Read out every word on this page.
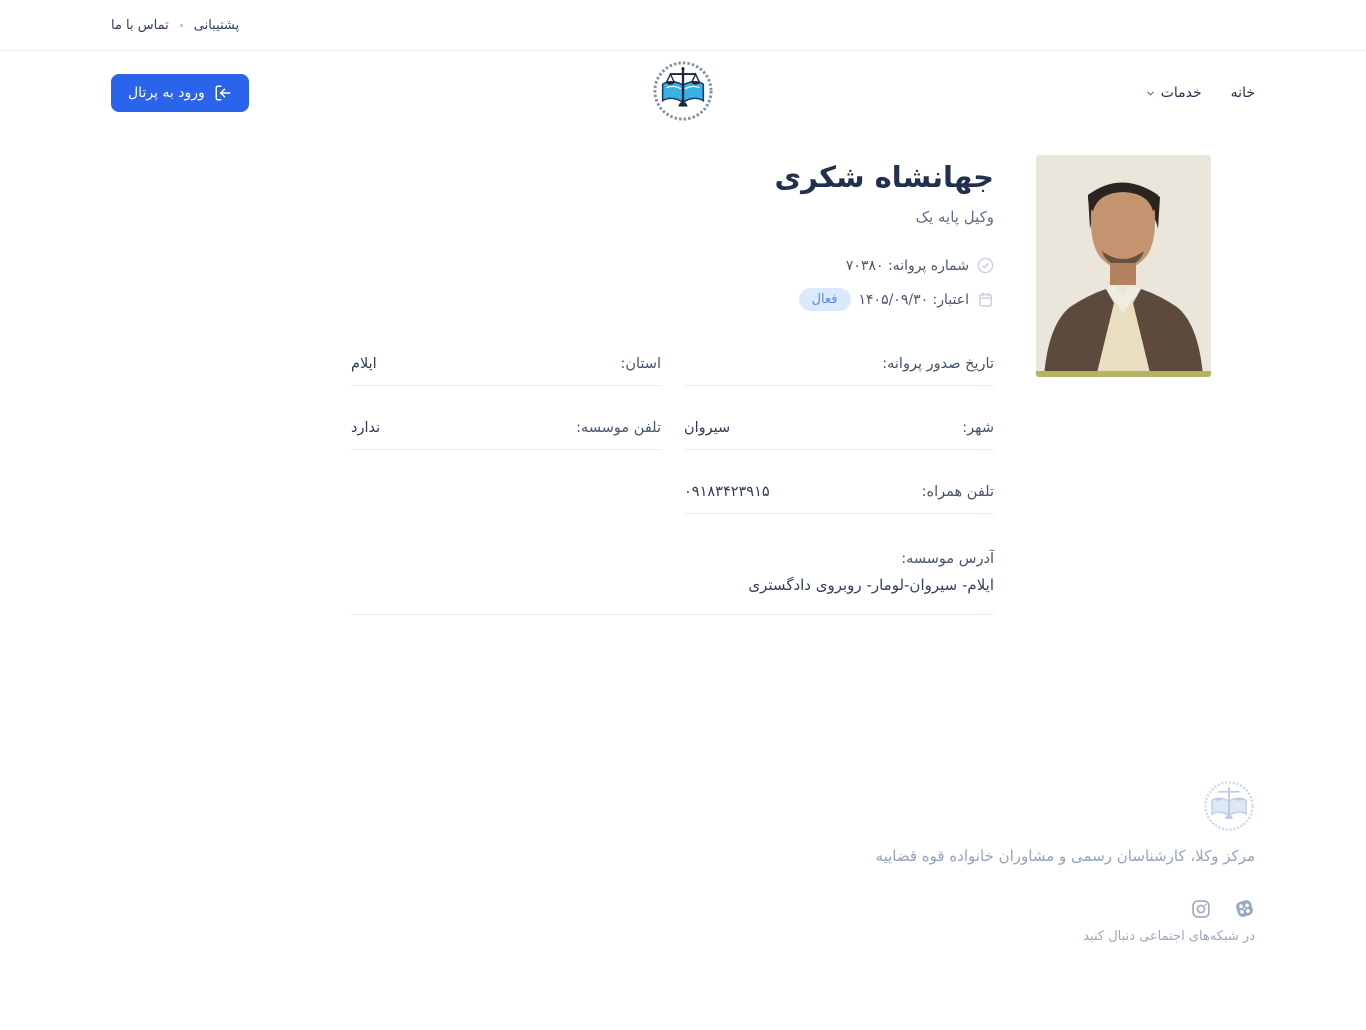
پشتیبانی
تماس با ما
خانه
خدمات
ورود به پرتال
جهانشاه شکری
وکیل پایه یک
شماره پروانه: ۷۰۳۸۰
اعتبار: ۱۴۰۵/۰۹/۳۰
فعال
تاریخ صدور پروانه:
استان:
ایلام
شهر:
سیروان
تلفن موسسه:
ندارد
تلفن همراه:
۰۹۱۸۳۴۲۳۹۱۵
آدرس موسسه:
ایلام- سیروان-لومار- روبروی دادگستری
مرکز وکلا، کارشناسان رسمی و مشاوران خانواده قوه قضاییه
در شبکه‌های اجتماعی دنبال کنید
